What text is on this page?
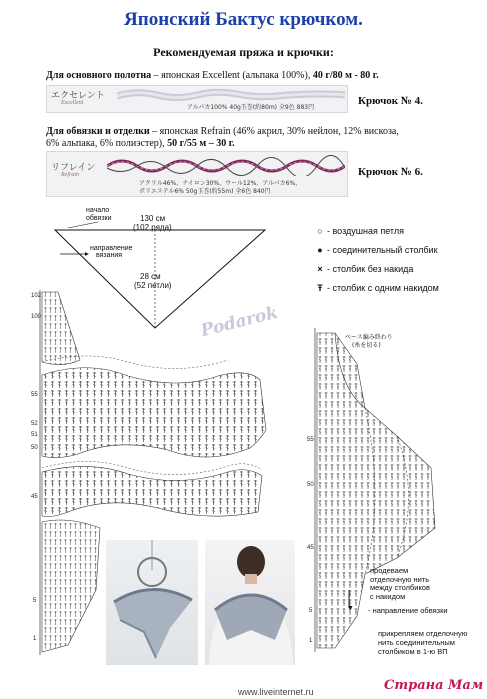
Японский Бактус крючком.
Рекомендуемая пряжа и крючки:
Для основного полотна – японская Excellent (альпака 100%), 40 г/80 м - 80 г.
エクセレント
Excellent
アルパカ100% 40g玉巻(約80m) 全9色 883円
Крючок № 4.
Для обвязки и отделки – японская Refrain (46% акрил, 30% нейлон, 12% вискоза,
6% альпака, 6% полиэстер), 50 г/55 м – 30 г.
リフレイン
Refrain
アクリル46%、ナイロン30%、ウール12%、アルパカ6%、
ポリエステル6% 50g玉巻(約55m) 全6色 840円
Крючок № 6.
начало
обвязки	130 см
(102 ряда)
направление
вязания
28 см
(52 петли)
Podarok
○ - воздушная петля
● - соединительный столбик
× - столбик без накида
Ŧ - столбик с одним накидом
102
100
55
52
51
50
45
5
1
ベース編み終わり
(糸を切る)
55
50
45
5
1
продеваем
отделочную нить
между столбиков
с накидом
- направление обвязки
прикрепляем отделочную
нить соединительным
столбиком в 1-ю ВП
www.liveinternet.ru	Страна Мам
